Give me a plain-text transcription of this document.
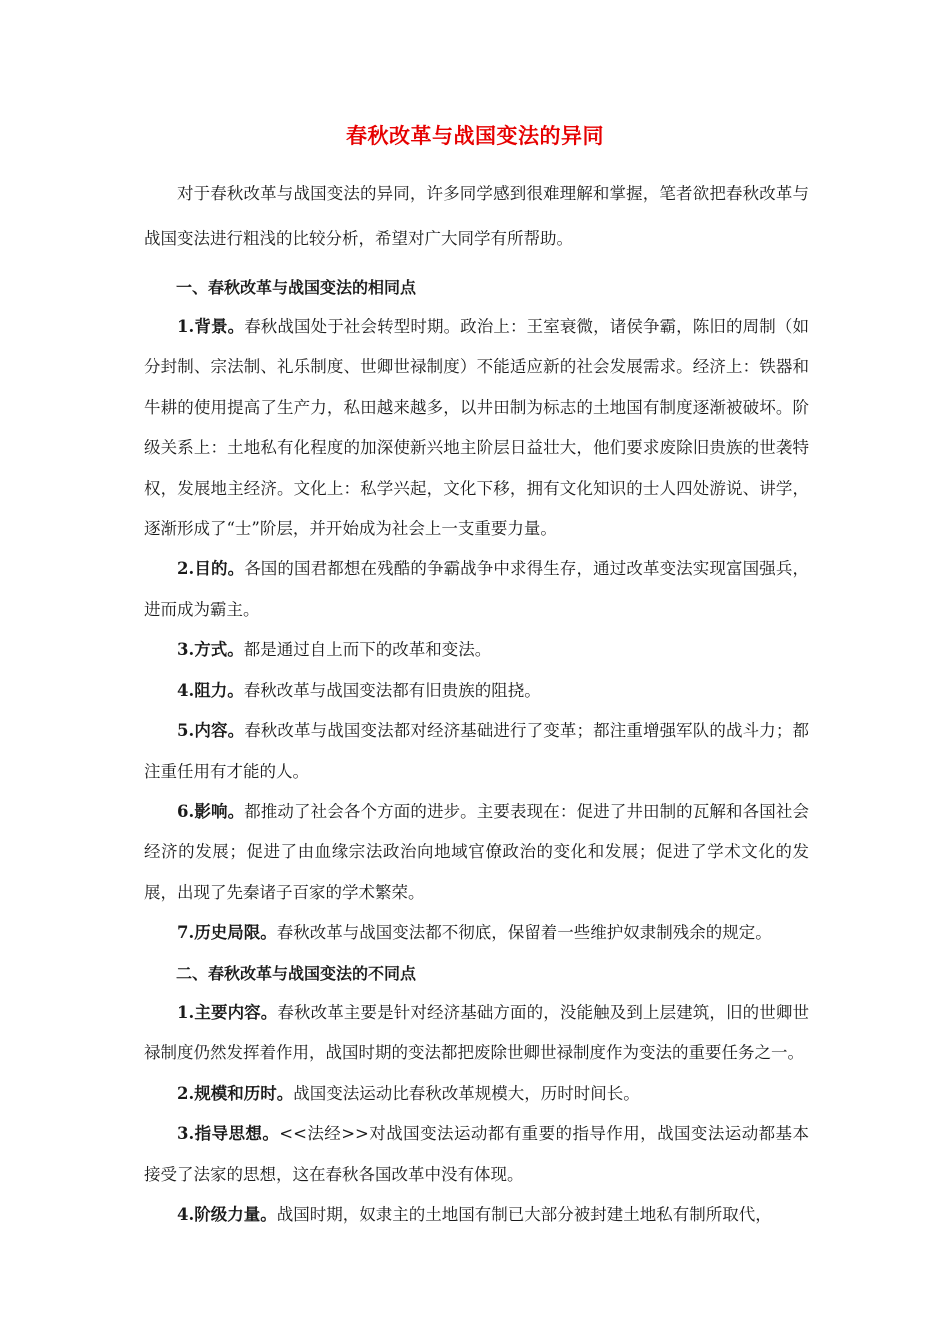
春秋改革与战国变法的异同

对于春秋改革与战国变法的异同，许多同学感到很难理解和掌握，笔者欲把春秋改革与战国变法进行粗浅的比较分析，希望对广大同学有所帮助。

一、春秋改革与战国变法的相同点

1.背景。春秋战国处于社会转型时期。政治上：王室衰微，诸侯争霸，陈旧的周制（如分封制、宗法制、礼乐制度、世卿世禄制度）不能适应新的社会发展需求。经济上：铁器和牛耕的使用提高了生产力，私田越来越多，以井田制为标志的土地国有制度逐渐被破坏。阶级关系上：土地私有化程度的加深使新兴地主阶层日益壮大，他们要求废除旧贵族的世袭特权，发展地主经济。文化上：私学兴起，文化下移，拥有文化知识的士人四处游说、讲学，逐渐形成了“士”阶层，并开始成为社会上一支重要力量。

2.目的。各国的国君都想在残酷的争霸战争中求得生存，通过改革变法实现富国强兵，进而成为霸主。

3.方式。都是通过自上而下的改革和变法。

4.阻力。春秋改革与战国变法都有旧贵族的阻挠。

5.内容。春秋改革与战国变法都对经济基础进行了变革；都注重增强军队的战斗力；都注重任用有才能的人。

6.影响。都推动了社会各个方面的进步。主要表现在：促进了井田制的瓦解和各国社会经济的发展；促进了由血缘宗法政治向地域官僚政治的变化和发展；促进了学术文化的发展，出现了先秦诸子百家的学术繁荣。

7.历史局限。春秋改革与战国变法都不彻底，保留着一些维护奴隶制残余的规定。

二、春秋改革与战国变法的不同点

1.主要内容。春秋改革主要是针对经济基础方面的，没能触及到上层建筑，旧的世卿世禄制度仍然发挥着作用，战国时期的变法都把废除世卿世禄制度作为变法的重要任务之一。

2.规模和历时。战国变法运动比春秋改革规模大，历时时间长。

3.指导思想。<<法经>>对战国变法运动都有重要的指导作用，战国变法运动都基本接受了法家的思想，这在春秋各国改革中没有体现。

4.阶级力量。战国时期，奴隶主的土地国有制已大部分被封建土地私有制所取代，
